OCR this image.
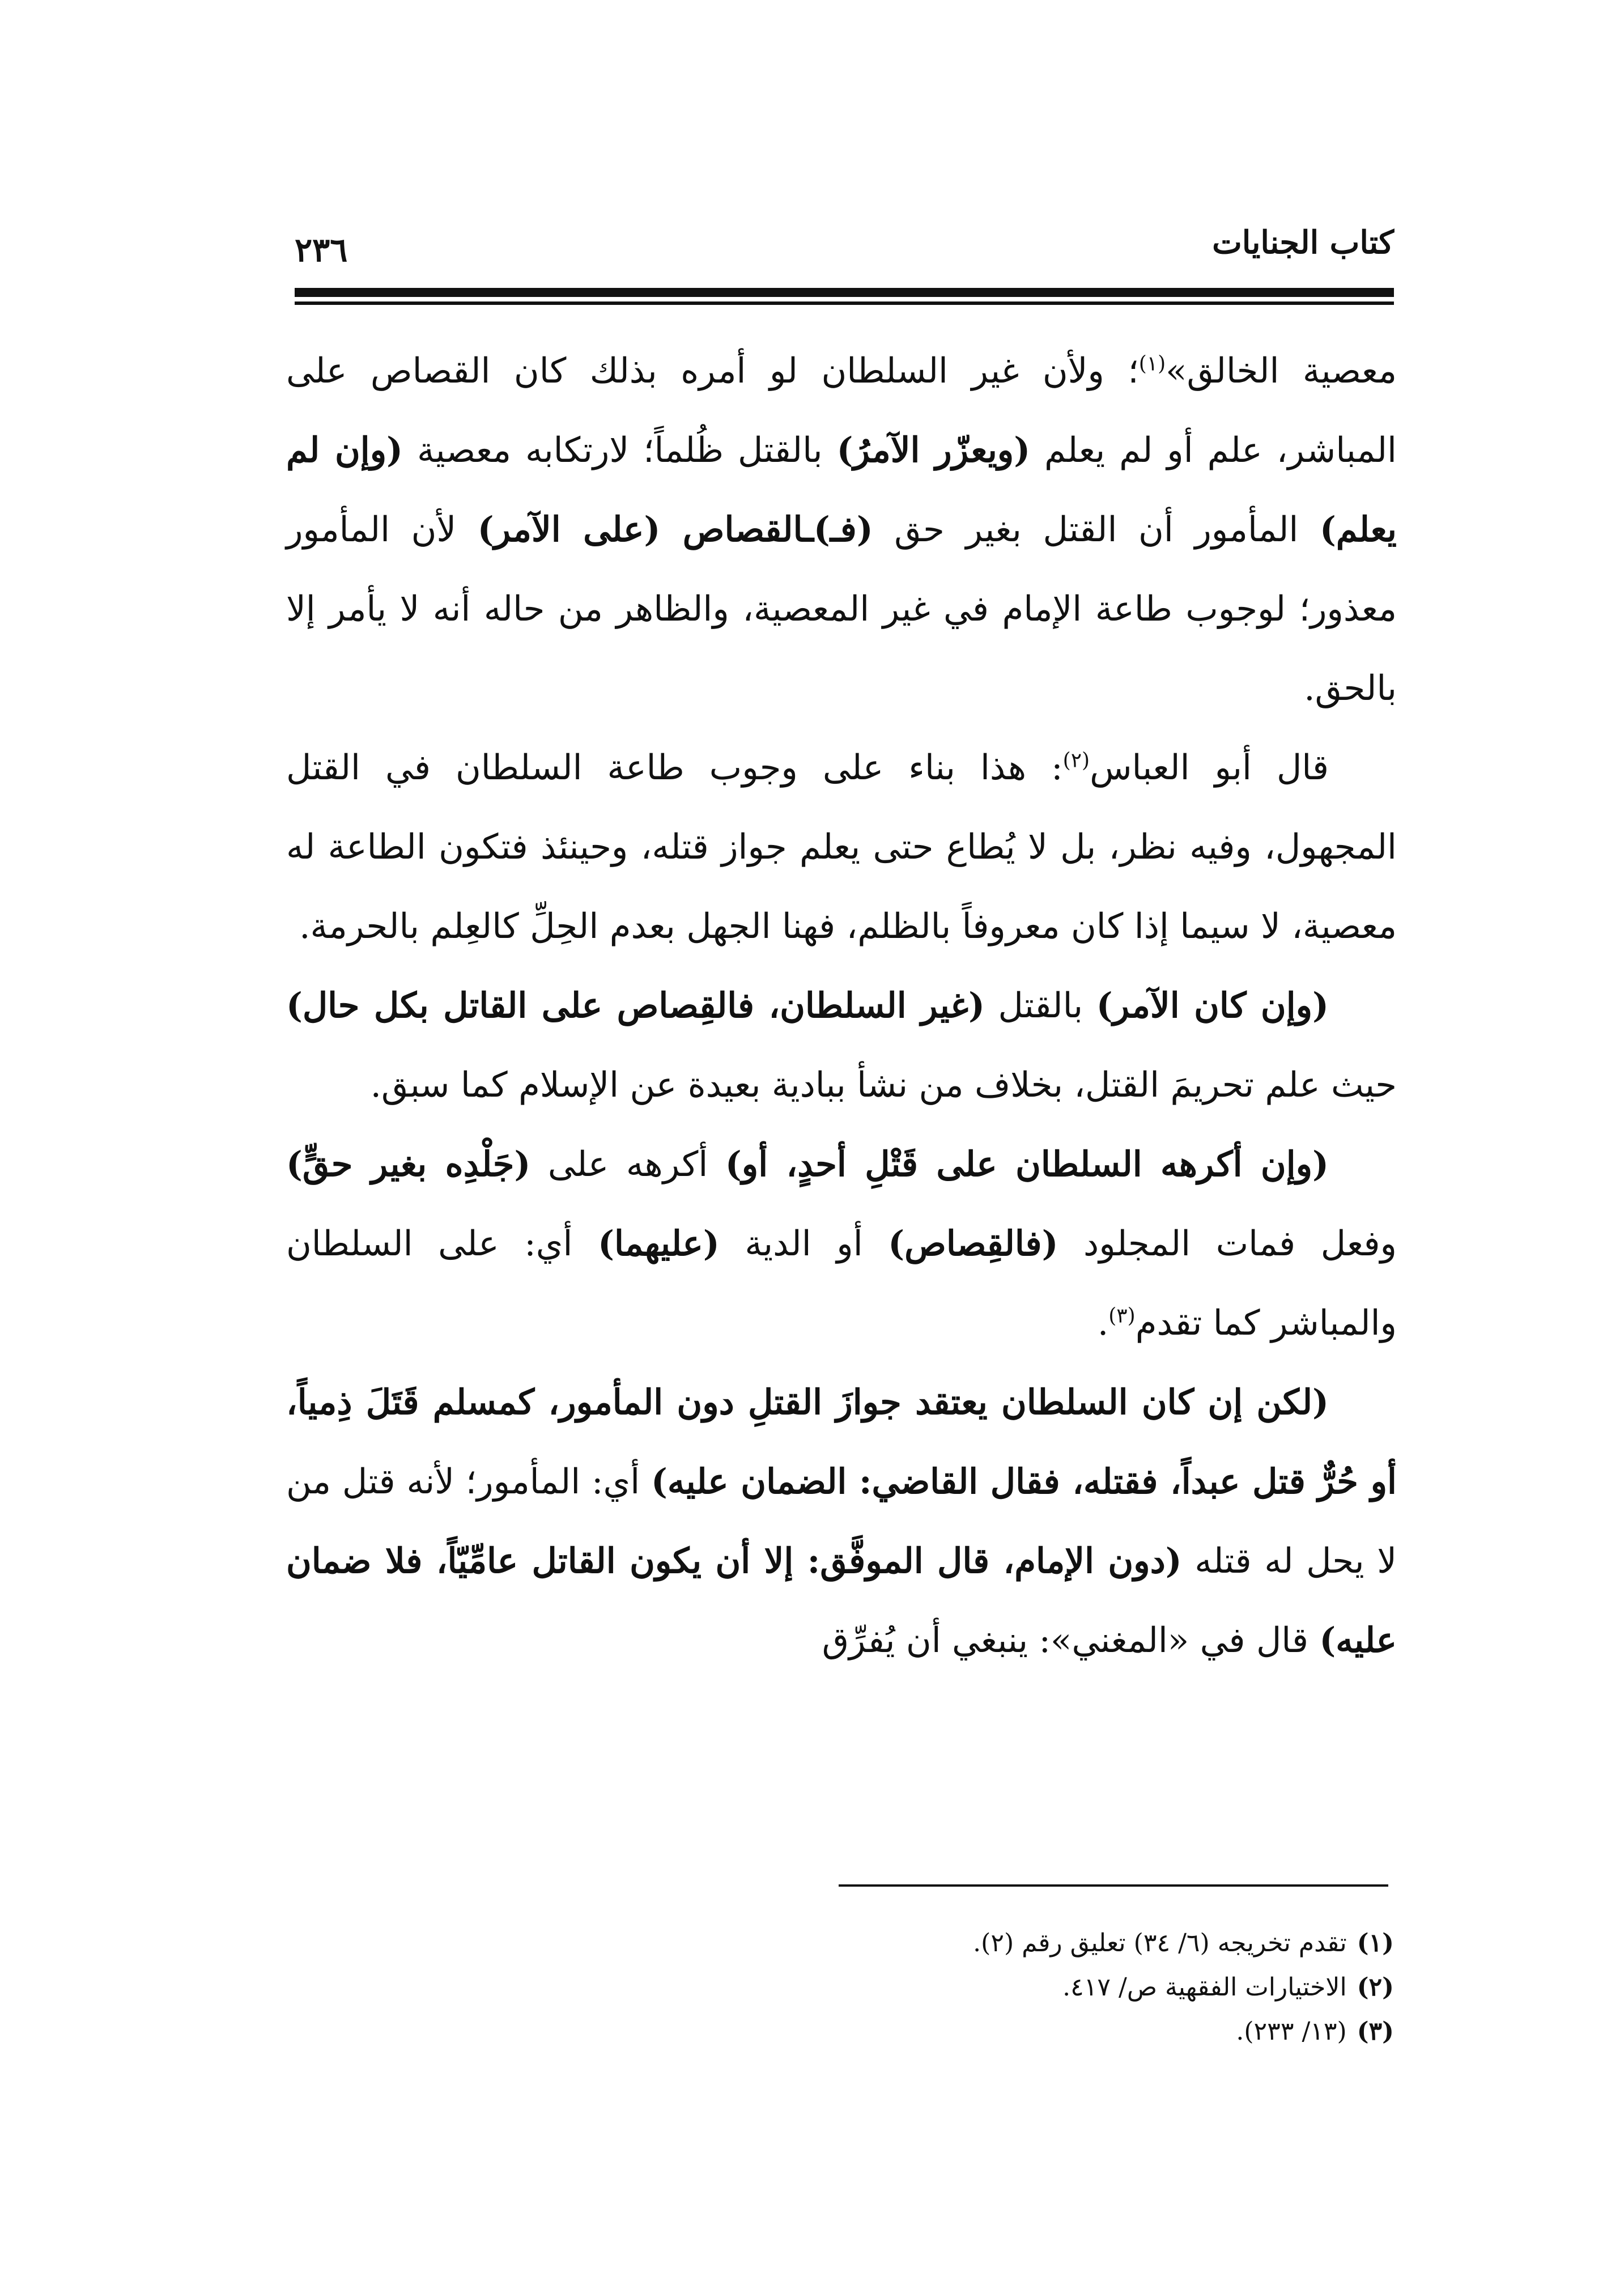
كتاب الجنايات
٢٣٦

معصية الخالق»$^{(١)}$؛ ولأن غير السلطان لو أمره بذلك كان القصاص على المباشر، علم أو لم يعلم (ويعزّر الآمرُ) بالقتل ظُلماً؛ لارتكابه معصية (وإن لم يعلم) المأمور أن القتل بغير حق (فـ)ـالقصاص (على الآمر) لأن المأمور معذور؛ لوجوب طاعة الإمام في غير المعصية، والظاهر من حاله أنه لا يأمر إلا بالحق.

قال أبو العباس$^{(٢)}$: هذا بناء على وجوب طاعة السلطان في القتل المجهول، وفيه نظر، بل لا يُطاع حتى يعلم جواز قتله، وحينئذ فتكون الطاعة له معصية، لا سيما إذا كان معروفاً بالظلم، فهنا الجهل بعدم الحِلِّ كالعِلم بالحرمة.

(وإن كان الآمر) بالقتل (غير السلطان، فالقِصاص على القاتل بكل حال) حيث علم تحريمَ القتل، بخلاف من نشأ ببادية بعيدة عن الإسلام كما سبق.

(وإن أكرهه السلطان على قَتْلِ أحدٍ، أو) أكرهه على (جَلْدِه بغير حقٍّ) وفعل فمات المجلود (فالقِصاص) أو الدية (عليهما) أي: على السلطان والمباشر كما تقدم$^{(٣)}$.

(لكن إن كان السلطان يعتقد جوازَ القتلِ دون المأمور، كمسلم قَتَلَ ذِمياً، أو حُرٌّ قتل عبداً، فقتله، فقال القاضي: الضمان عليه) أي: المأمور؛ لأنه قتل من لا يحل له قتله (دون الإمام، قال الموفَّق: إلا أن يكون القاتل عامِّيّاً، فلا ضمان عليه) قال في «المغني»: ينبغي أن يُفرِّق

(١)تقدم تخريجه (٦/ ٣٤) تعليق رقم (٢).
(٢)الاختيارات الفقهية ص/ ٤١٧.
(٣)(١٣/ ٢٣٣).
